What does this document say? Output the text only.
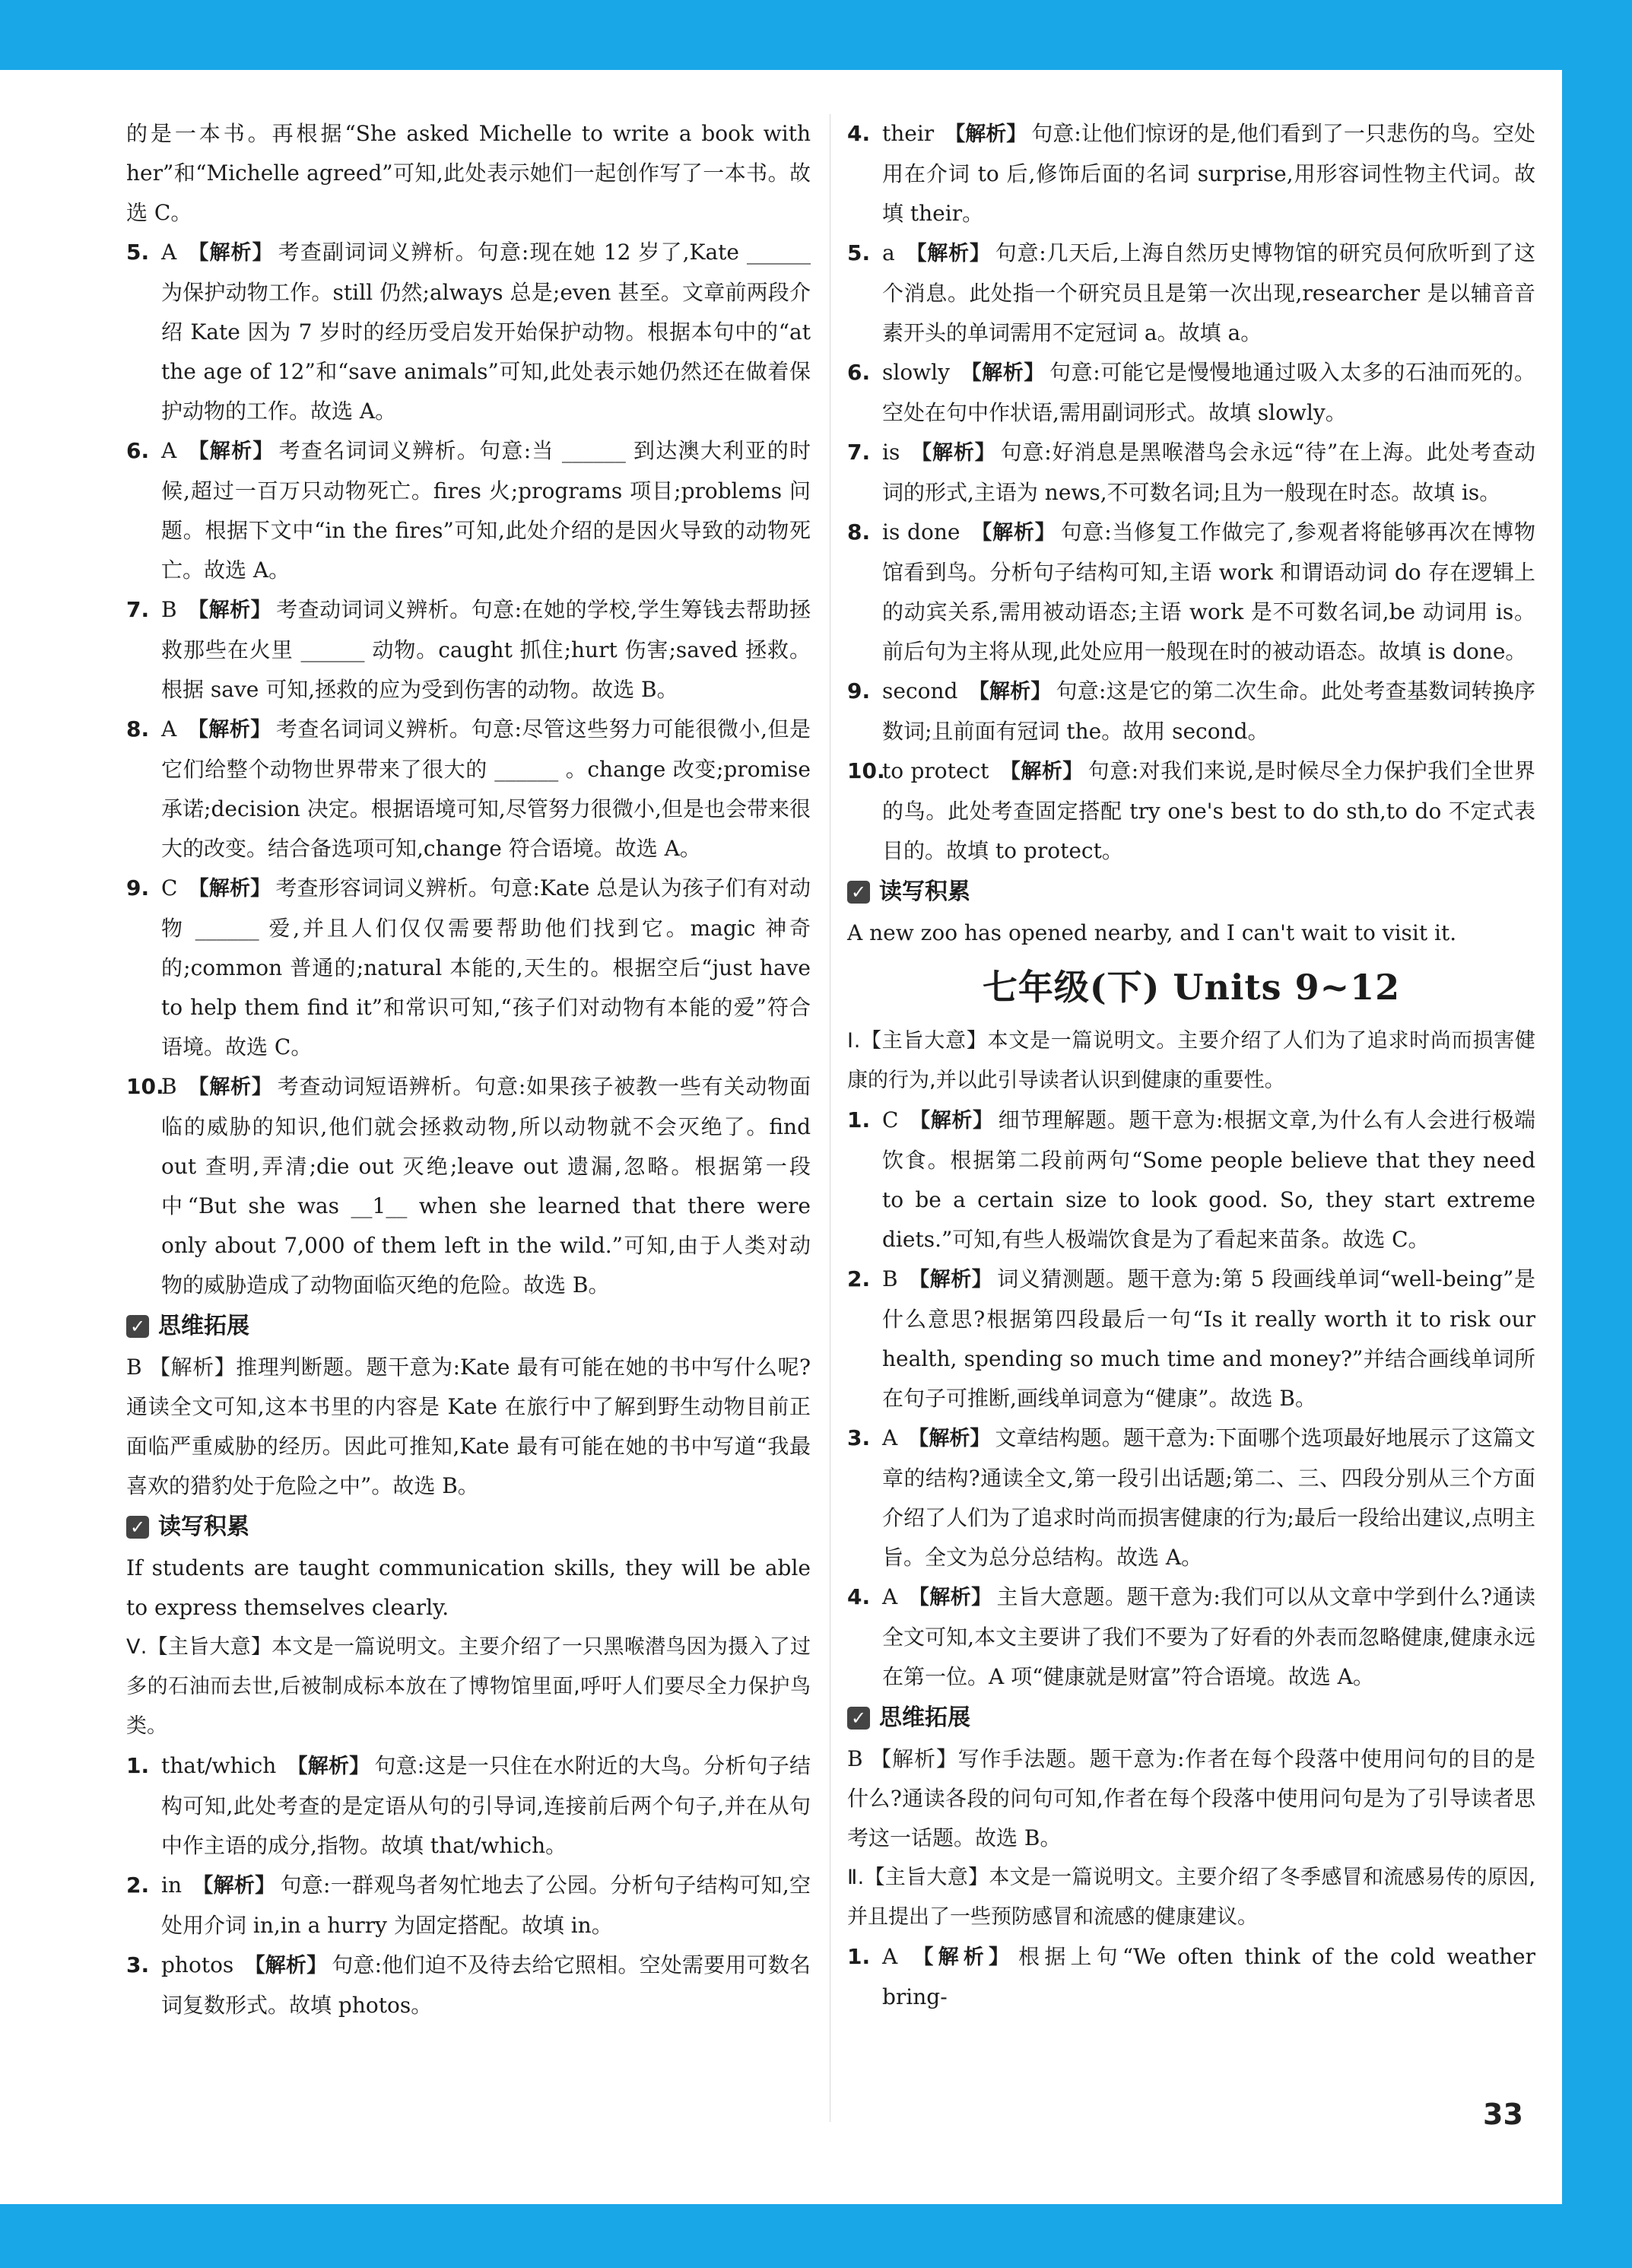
的是一本书。再根据“She asked Michelle to write a book with her”和“Michelle agreed”可知,此处表示她们一起创作写了一本书。故选 C。

5. A 【解析】 考查副词词义辨析。句意:现在她 12 岁了,Kate ______ 为保护动物工作。still 仍然;always 总是;even 甚至。文章前两段介绍 Kate 因为 7 岁时的经历受启发开始保护动物。根据本句中的“at the age of 12”和“save animals”可知,此处表示她仍然还在做着保护动物的工作。故选 A。

6. A 【解析】 考查名词词义辨析。句意:当 ______ 到达澳大利亚的时候,超过一百万只动物死亡。fires 火;programs 项目;problems 问题。根据下文中“in the fires”可知,此处介绍的是因火导致的动物死亡。故选 A。

7. B 【解析】 考查动词词义辨析。句意:在她的学校,学生筹钱去帮助拯救那些在火里 ______ 动物。caught 抓住;hurt 伤害;saved 拯救。根据 save 可知,拯救的应为受到伤害的动物。故选 B。

8. A 【解析】 考查名词词义辨析。句意:尽管这些努力可能很微小,但是它们给整个动物世界带来了很大的 ______ 。change 改变;promise 承诺;decision 决定。根据语境可知,尽管努力很微小,但是也会带来很大的改变。结合备选项可知,change 符合语境。故选 A。

9. C 【解析】 考查形容词词义辨析。句意:Kate 总是认为孩子们有对动物 ______ 爱,并且人们仅仅需要帮助他们找到它。magic 神奇的;common 普通的;natural 本能的,天生的。根据空后“just have to help them find it”和常识可知,“孩子们对动物有本能的爱”符合语境。故选 C。

10.
B 【解析】 考查动词短语辨析。句意:如果孩子被教一些有关动物面临的威胁的知识,他们就会拯救动物,所以动物就不会灭绝了。find out 查明,弄清;die out 灭绝;leave out 遗漏,忽略。根据第一段中“But she was __1__ when she learned that there were only about 7,000 of them left in the wild.”可知,由于人类对动物的威胁造成了动物面临灭绝的危险。故选 B。

✓ 思维拓展

B 【解析】推理判断题。题干意为:Kate 最有可能在她的书中写什么呢?通读全文可知,这本书里的内容是 Kate 在旅行中了解到野生动物目前正面临严重威胁的经历。因此可推知,Kate 最有可能在她的书中写道“我最喜欢的猎豹处于危险之中”。故选 B。

✓ 读写积累

If students are taught communication skills, they will be able to express themselves clearly.

Ⅴ.【主旨大意】本文是一篇说明文。主要介绍了一只黑喉潜鸟因为摄入了过多的石油而去世,后被制成标本放在了博物馆里面,呼吁人们要尽全力保护鸟类。

1. that/which 【解析】 句意:这是一只住在水附近的大鸟。分析句子结构可知,此处考查的是定语从句的引导词,连接前后两个句子,并在从句中作主语的成分,指物。故填 that/which。

2. in 【解析】 句意:一群观鸟者匆忙地去了公园。分析句子结构可知,空处用介词 in,in a hurry 为固定搭配。故填 in。

3. photos 【解析】 句意:他们迫不及待去给它照相。空处需要用可数名词复数形式。故填 photos。

4. their 【解析】 句意:让他们惊讶的是,他们看到了一只悲伤的鸟。空处用在介词 to 后,修饰后面的名词 surprise,用形容词性物主代词。故填 their。

5. a 【解析】 句意:几天后,上海自然历史博物馆的研究员何欣听到了这个消息。此处指一个研究员且是第一次出现,researcher 是以辅音音素开头的单词需用不定冠词 a。故填 a。

6. slowly 【解析】 句意:可能它是慢慢地通过吸入太多的石油而死的。空处在句中作状语,需用副词形式。故填 slowly。

7. is 【解析】 句意:好消息是黑喉潜鸟会永远“待”在上海。此处考查动词的形式,主语为 news,不可数名词;且为一般现在时态。故填 is。

8. is done 【解析】 句意:当修复工作做完了,参观者将能够再次在博物馆看到鸟。分析句子结构可知,主语 work 和谓语动词 do 存在逻辑上的动宾关系,需用被动语态;主语 work 是不可数名词,be 动词用 is。前后句为主将从现,此处应用一般现在时的被动语态。故填 is done。

9. second 【解析】 句意:这是它的第二次生命。此处考查基数词转换序数词;且前面有冠词 the。故用 second。

10.
to protect 【解析】 句意:对我们来说,是时候尽全力保护我们全世界的鸟。此处考查固定搭配 try one's best to do sth,to do 不定式表目的。故填 to protect。

✓ 读写积累

A new zoo has opened nearby, and I can't wait to visit it.

七年级(下) Units 9~12

Ⅰ.【主旨大意】本文是一篇说明文。主要介绍了人们为了追求时尚而损害健康的行为,并以此引导读者认识到健康的重要性。

1. C 【解析】 细节理解题。题干意为:根据文章,为什么有人会进行极端饮食。根据第二段前两句“Some people believe that they need to be a certain size to look good. So, they start extreme diets.”可知,有些人极端饮食是为了看起来苗条。故选 C。

2. B 【解析】 词义猜测题。题干意为:第 5 段画线单词“well-being”是什么意思?根据第四段最后一句“Is it really worth it to risk our health, spending so much time and money?”并结合画线单词所在句子可推断,画线单词意为“健康”。故选 B。

3. A 【解析】 文章结构题。题干意为:下面哪个选项最好地展示了这篇文章的结构?通读全文,第一段引出话题;第二、三、四段分别从三个方面介绍了人们为了追求时尚而损害健康的行为;最后一段给出建议,点明主旨。全文为总分总结构。故选 A。

4. A 【解析】 主旨大意题。题干意为:我们可以从文章中学到什么?通读全文可知,本文主要讲了我们不要为了好看的外表而忽略健康,健康永远在第一位。A 项“健康就是财富”符合语境。故选 A。

✓ 思维拓展

B 【解析】写作手法题。题干意为:作者在每个段落中使用问句的目的是什么?通读各段的问句可知,作者在每个段落中使用问句是为了引导读者思考这一话题。故选 B。

Ⅱ.【主旨大意】本文是一篇说明文。主要介绍了冬季感冒和流感易传的原因,并且提出了一些预防感冒和流感的健康建议。

1. A 【解析】 根据上句“We often think of the cold weather bring-

33
